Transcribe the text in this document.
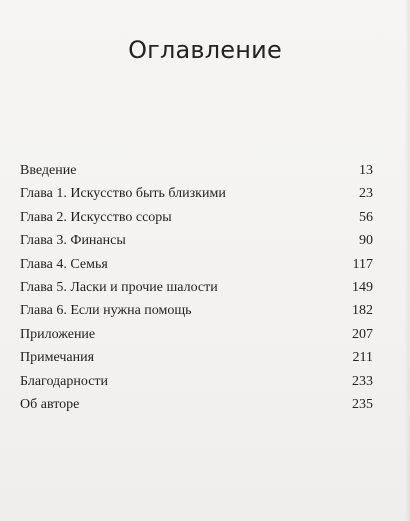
Оглавление
Введение	13
Глава 1. Искусство быть близкими	23
Глава 2. Искусство ссоры	56
Глава 3. Финансы	90
Глава 4. Семья	117
Глава 5. Ласки и прочие шалости	149
Глава 6. Если нужна помощь	182
Приложение	207
Примечания	211
Благодарности	233
Об авторе	235
